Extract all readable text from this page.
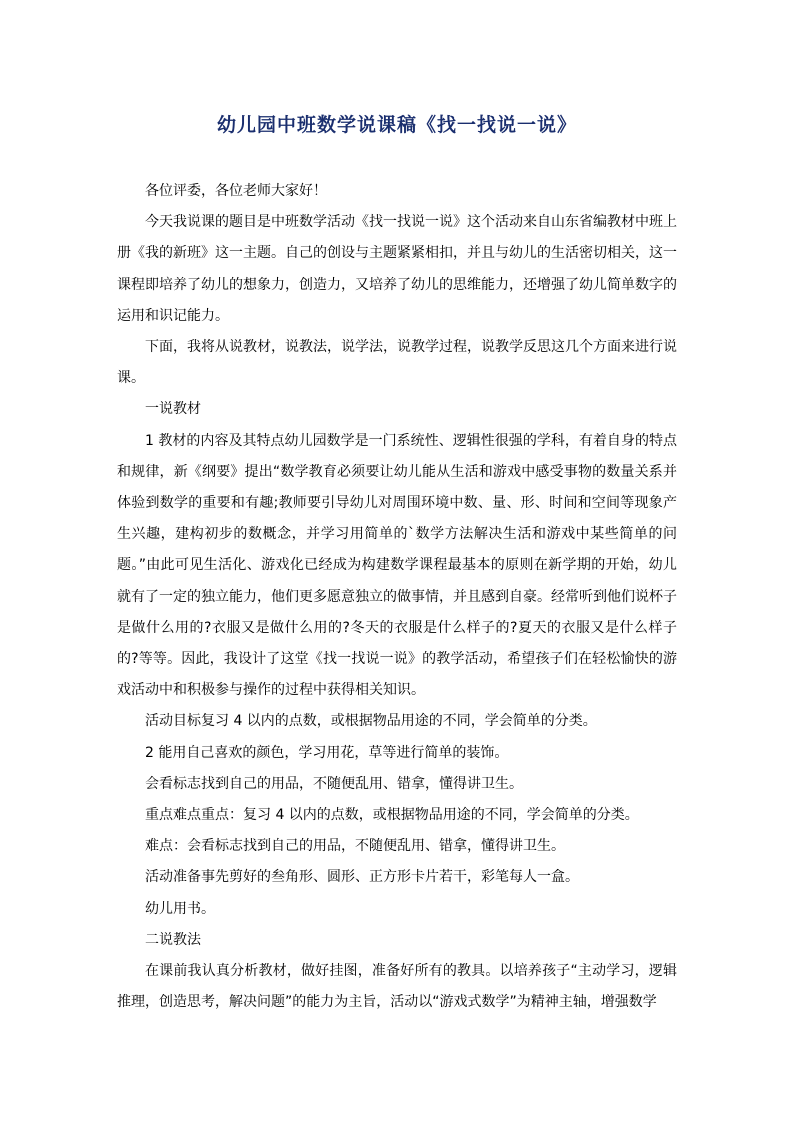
幼儿园中班数学说课稿《找一找说一说》

各位评委，各位老师大家好！

今天我说课的题目是中班数学活动《找一找说一说》这个活动来自山东省编教材中班上册《我的新班》这一主题。自己的创设与主题紧紧相扣，并且与幼儿的生活密切相关，这一课程即培养了幼儿的想象力，创造力，又培养了幼儿的思维能力，还增强了幼儿简单数字的运用和识记能力。

下面，我将从说教材，说教法，说学法，说教学过程，说教学反思这几个方面来进行说课。

一说教材

1 教材的内容及其特点幼儿园数学是一门系统性、逻辑性很强的学科，有着自身的特点和规律，新《纲要》提出“数学教育必须要让幼儿能从生活和游戏中感受事物的数量关系并体验到数学的重要和有趣;教师要引导幼儿对周围环境中数、量、形、时间和空间等现象产生兴趣，建构初步的数概念，并学习用简单的`数学方法解决生活和游戏中某些简单的问题。”由此可见生活化、游戏化已经成为构建数学课程最基本的原则在新学期的开始，幼儿就有了一定的独立能力，他们更多愿意独立的做事情，并且感到自豪。经常听到他们说杯子是做什么用的?衣服又是做什么用的?冬天的衣服是什么样子的?夏天的衣服又是什么样子的?等等。因此，我设计了这堂《找一找说一说》的教学活动，希望孩子们在轻松愉快的游戏活动中和积极参与操作的过程中获得相关知识。

活动目标复习 4 以内的点数，或根据物品用途的不同，学会简单的分类。

2 能用自己喜欢的颜色，学习用花，草等进行简单的装饰。

会看标志找到自己的用品，不随便乱用、错拿，懂得讲卫生。

重点难点重点：复习 4 以内的点数，或根据物品用途的不同，学会简单的分类。

难点：会看标志找到自己的用品，不随便乱用、错拿，懂得讲卫生。

活动准备事先剪好的叁角形、圆形、正方形卡片若干，彩笔每人一盒。

幼儿用书。

二说教法

在课前我认真分析教材，做好挂图，准备好所有的教具。以培养孩子“主动学习，逻辑推理，创造思考，解决问题”的能力为主旨，活动以“游戏式数学”为精神主轴，增强数学
